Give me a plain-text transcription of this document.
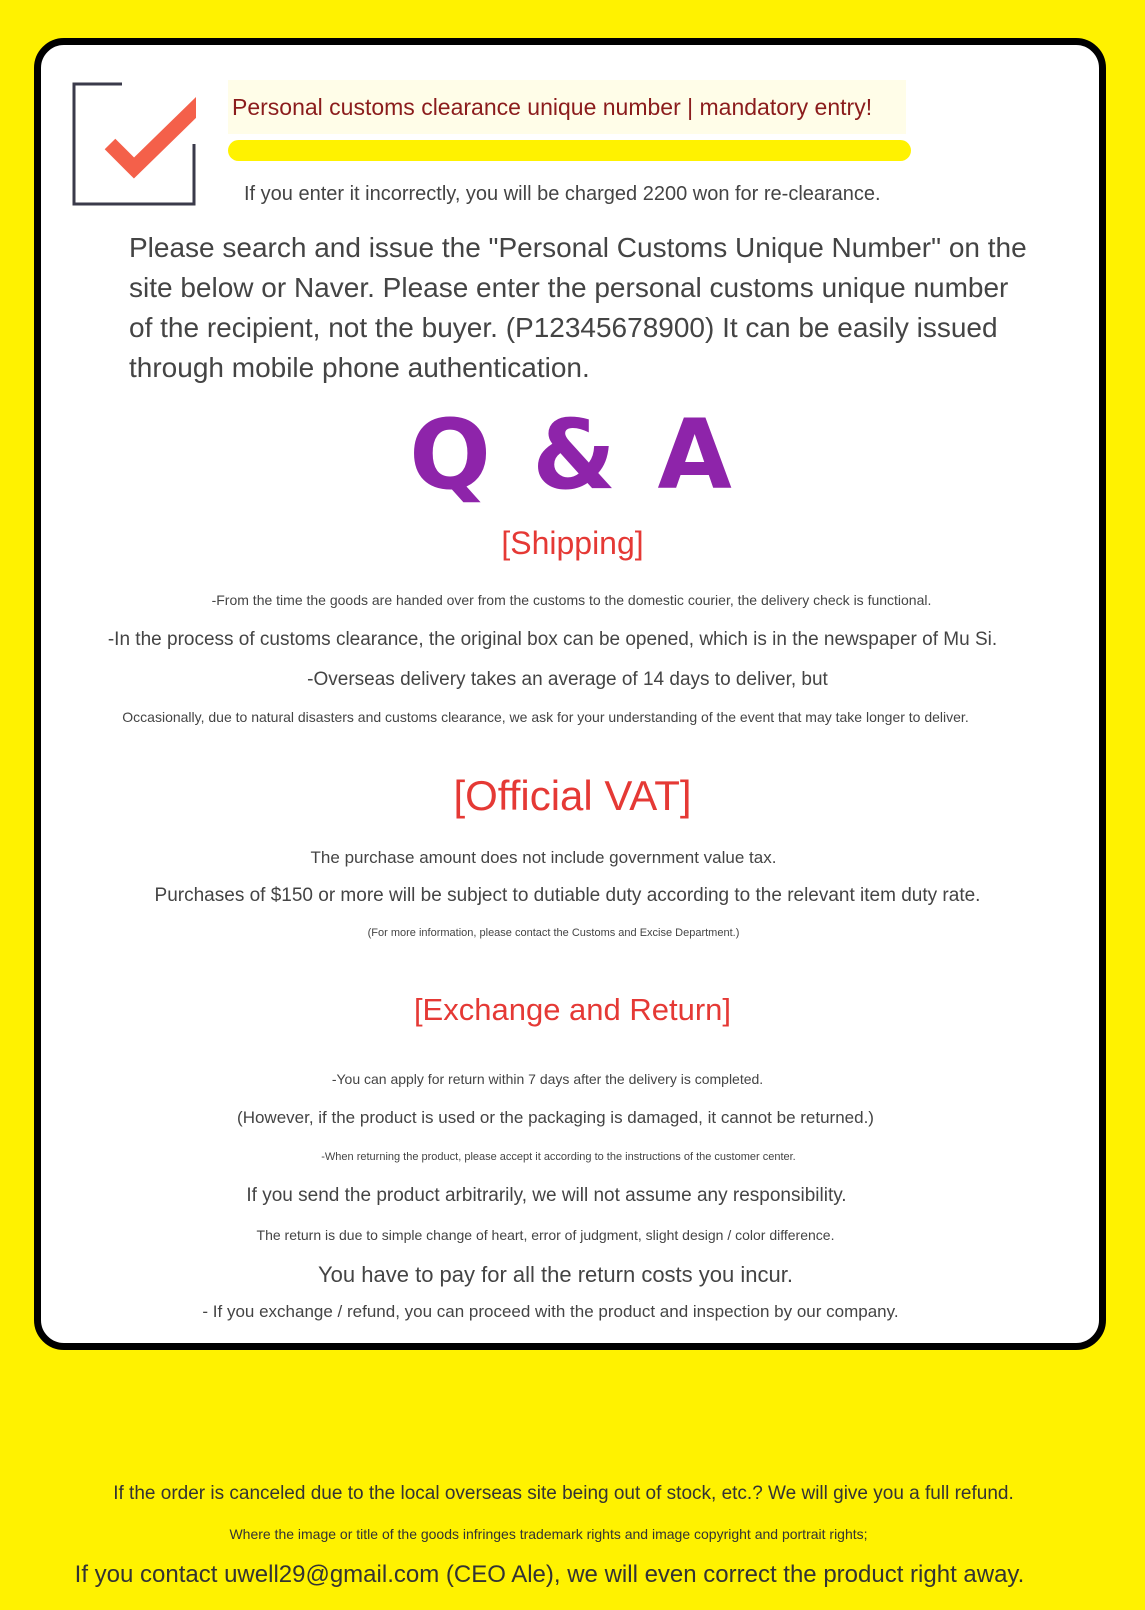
Personal customs clearance unique number | mandatory entry!
If you enter it incorrectly, you will be charged 2200 won for re-clearance.
Please search and issue the "Personal Customs Unique Number" on the site below or Naver. Please enter the personal customs unique number of the recipient, not the buyer. (P12345678900) It can be easily issued through mobile phone authentication.
Q & A
[Shipping]
-From the time the goods are handed over from the customs to the domestic courier, the delivery check is functional.
-In the process of customs clearance, the original box can be opened, which is in the newspaper of Mu Si.
-Overseas delivery takes an average of 14 days to deliver, but
Occasionally, due to natural disasters and customs clearance, we ask for your understanding of the event that may take longer to deliver.
[Official VAT]
The purchase amount does not include government value tax.
Purchases of $150 or more will be subject to dutiable duty according to the relevant item duty rate.
(For more information, please contact the Customs and Excise Department.)
[Exchange and Return]
-You can apply for return within 7 days after the delivery is completed.
(However, if the product is used or the packaging is damaged, it cannot be returned.)
-When returning the product, please accept it according to the instructions of the customer center.
If you send the product arbitrarily, we will not assume any responsibility.
The return is due to simple change of heart, error of judgment, slight design / color difference.
You have to pay for all the return costs you incur.
- If you exchange / refund, you can proceed with the product and inspection by our company.
If the order is canceled due to the local overseas site being out of stock, etc.? We will give you a full refund.
Where the image or title of the goods infringes trademark rights and image copyright and portrait rights;
If you contact uwell29@gmail.com (CEO Ale), we will even correct the product right away.
